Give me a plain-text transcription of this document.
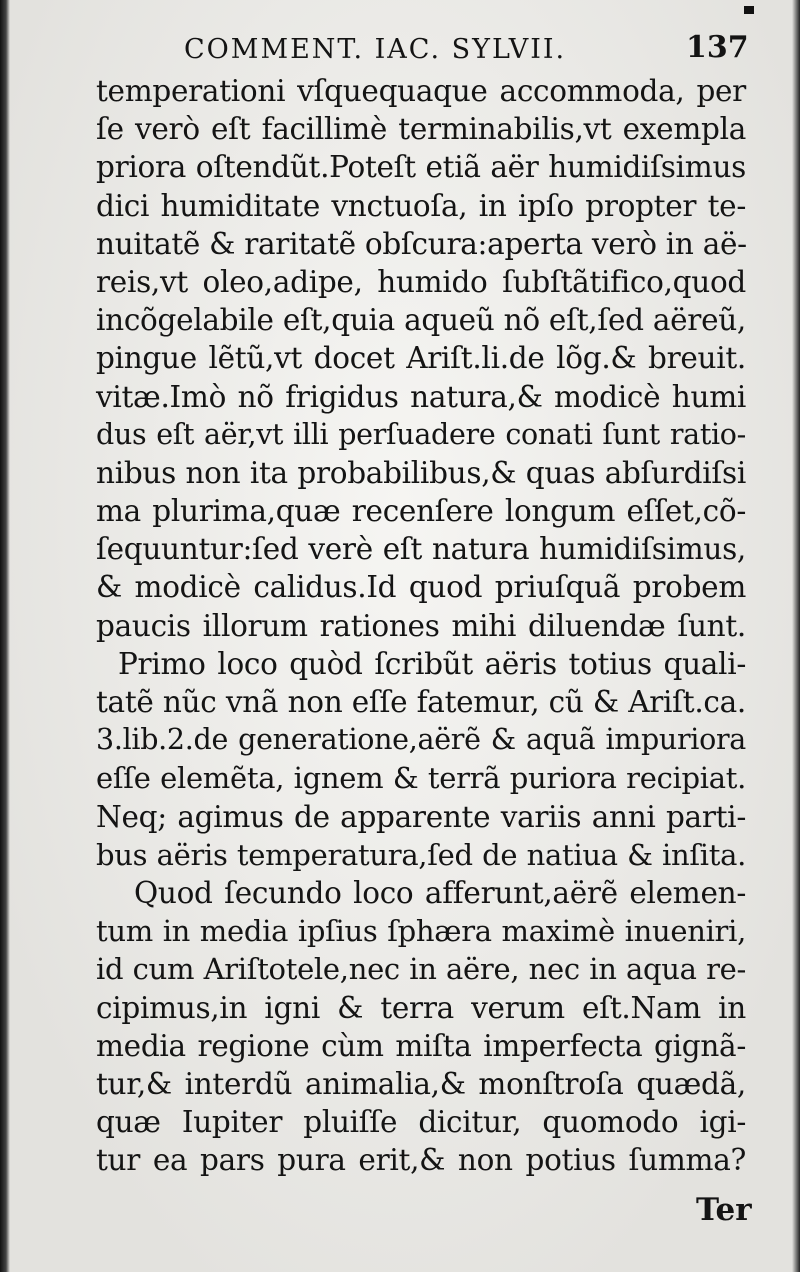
COMMENT. IAC. SYLVII.	137
temperationi vſquequaque accommoda, per
ſe verò eſt facillimè terminabilis,vt exempla
priora oſtendũt.Poteſt etiã aër humidiſsimus
dici humiditate vnctuoſa, in ipſo propter te-
nuitatẽ & raritatẽ obſcura:aperta verò in aë-
reis,vt oleo,adipe, humido ſubſtãtifico,quod
incõgelabile eſt,quia aqueũ nõ eſt,ſed aëreũ,
pingue lẽtũ,vt docet Ariſt.li.de lõg.& breuit.
vitæ.Imò nõ frigidus natura,& modicè humi
dus eſt aër,vt illi perſuadere conati ſunt ratio-
nibus non ita probabilibus,& quas abſurdiſsi
ma plurima,quæ recenſere longum eſſet,cõ-
ſequuntur:ſed verè eſt natura humidiſsimus,
& modicè calidus.Id quod priuſquã probem
paucis illorum rationes mihi diluendæ ſunt.
Primo loco quòd ſcribũt aëris totius quali-
tatẽ nũc vnã non eſſe fatemur, cũ & Ariſt.ca.
3.lib.2.de generatione,aërẽ & aquã impuriora
eſſe elemẽta, ignem & terrã puriora recipiat.
Neq; agimus de apparente variis anni parti-
bus aëris temperatura,ſed de natiua & inſita.
Quod ſecundo loco afferunt,aërẽ elemen-
tum in media ipſius ſphæra maximè inueniri,
id cum Ariſtotele,nec in aëre, nec in aqua re-
cipimus,in igni & terra verum eſt.Nam in
media regione cùm miſta imperfecta gignã-
tur,& interdũ animalia,& monſtroſa quædã,
quæ Iupiter pluiſſe dicitur, quomodo igi-
tur ea pars pura erit,& non potius ſumma?
Ter
